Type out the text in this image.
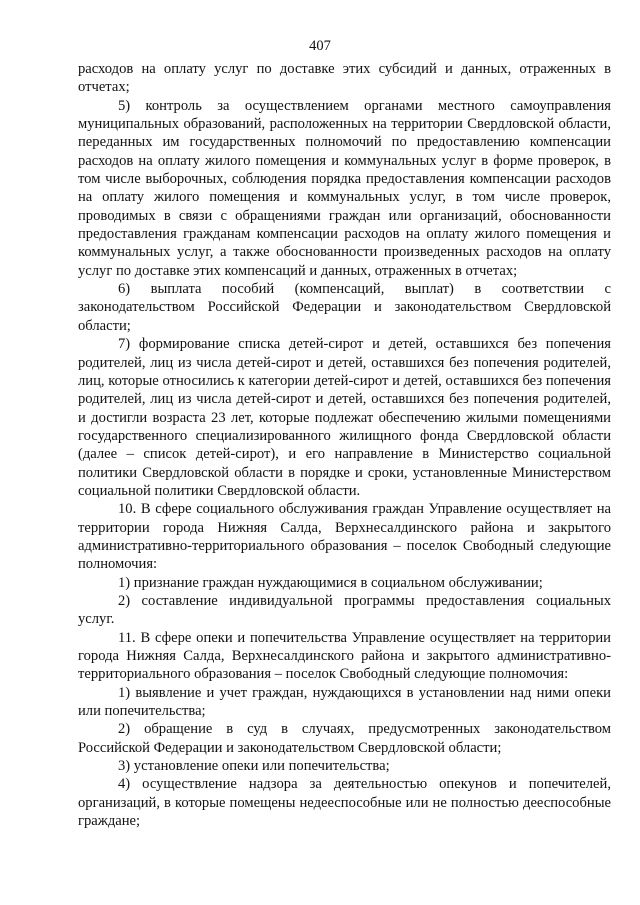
407

расходов на оплату услуг по доставке этих субсидий и данных, отраженных в отчетах;

5) контроль за осуществлением органами местного самоуправления муниципальных образований, расположенных на территории Свердловской области, переданных им государственных полномочий по предоставлению компенсации расходов на оплату жилого помещения и коммунальных услуг в форме проверок, в том числе выборочных, соблюдения порядка предоставления компенсации расходов на оплату жилого помещения и коммунальных услуг, в том числе проверок, проводимых в связи с обращениями граждан или организаций, обоснованности предоставления гражданам компенсации расходов на оплату жилого помещения и коммунальных услуг, а также обоснованности произведенных расходов на оплату услуг по доставке этих компенсаций и данных, отраженных в отчетах;

6) выплата пособий (компенсаций, выплат) в соответствии с законодательством Российской Федерации и законодательством Свердловской области;

7) формирование списка детей-сирот и детей, оставшихся без попечения родителей, лиц из числа детей-сирот и детей, оставшихся без попечения родителей, лиц, которые относились к категории детей-сирот и детей, оставшихся без попечения родителей, лиц из числа детей-сирот и детей, оставшихся без попечения родителей, и достигли возраста 23 лет, которые подлежат обеспечению жилыми помещениями государственного специализированного жилищного фонда Свердловской области (далее – список детей-сирот), и его направление в Министерство социальной политики Свердловской области в порядке и сроки, установленные Министерством социальной политики Свердловской области.

10. В сфере социального обслуживания граждан Управление осуществляет на территории города Нижняя Салда, Верхнесалдинского района и закрытого административно-территориального образования – поселок Свободный следующие полномочия:

1) признание граждан нуждающимися в социальном обслуживании;

2) составление индивидуальной программы предоставления социальных услуг.

11. В сфере опеки и попечительства Управление осуществляет на территории города Нижняя Салда, Верхнесалдинского района и закрытого административно-территориального образования – поселок Свободный следующие полномочия:

1) выявление и учет граждан, нуждающихся в установлении над ними опеки или попечительства;

2) обращение в суд в случаях, предусмотренных законодательством Российской Федерации и законодательством Свердловской области;

3) установление опеки или попечительства;

4) осуществление надзора за деятельностью опекунов и попечителей, организаций, в которые помещены недееспособные или не полностью дееспособные граждане;
